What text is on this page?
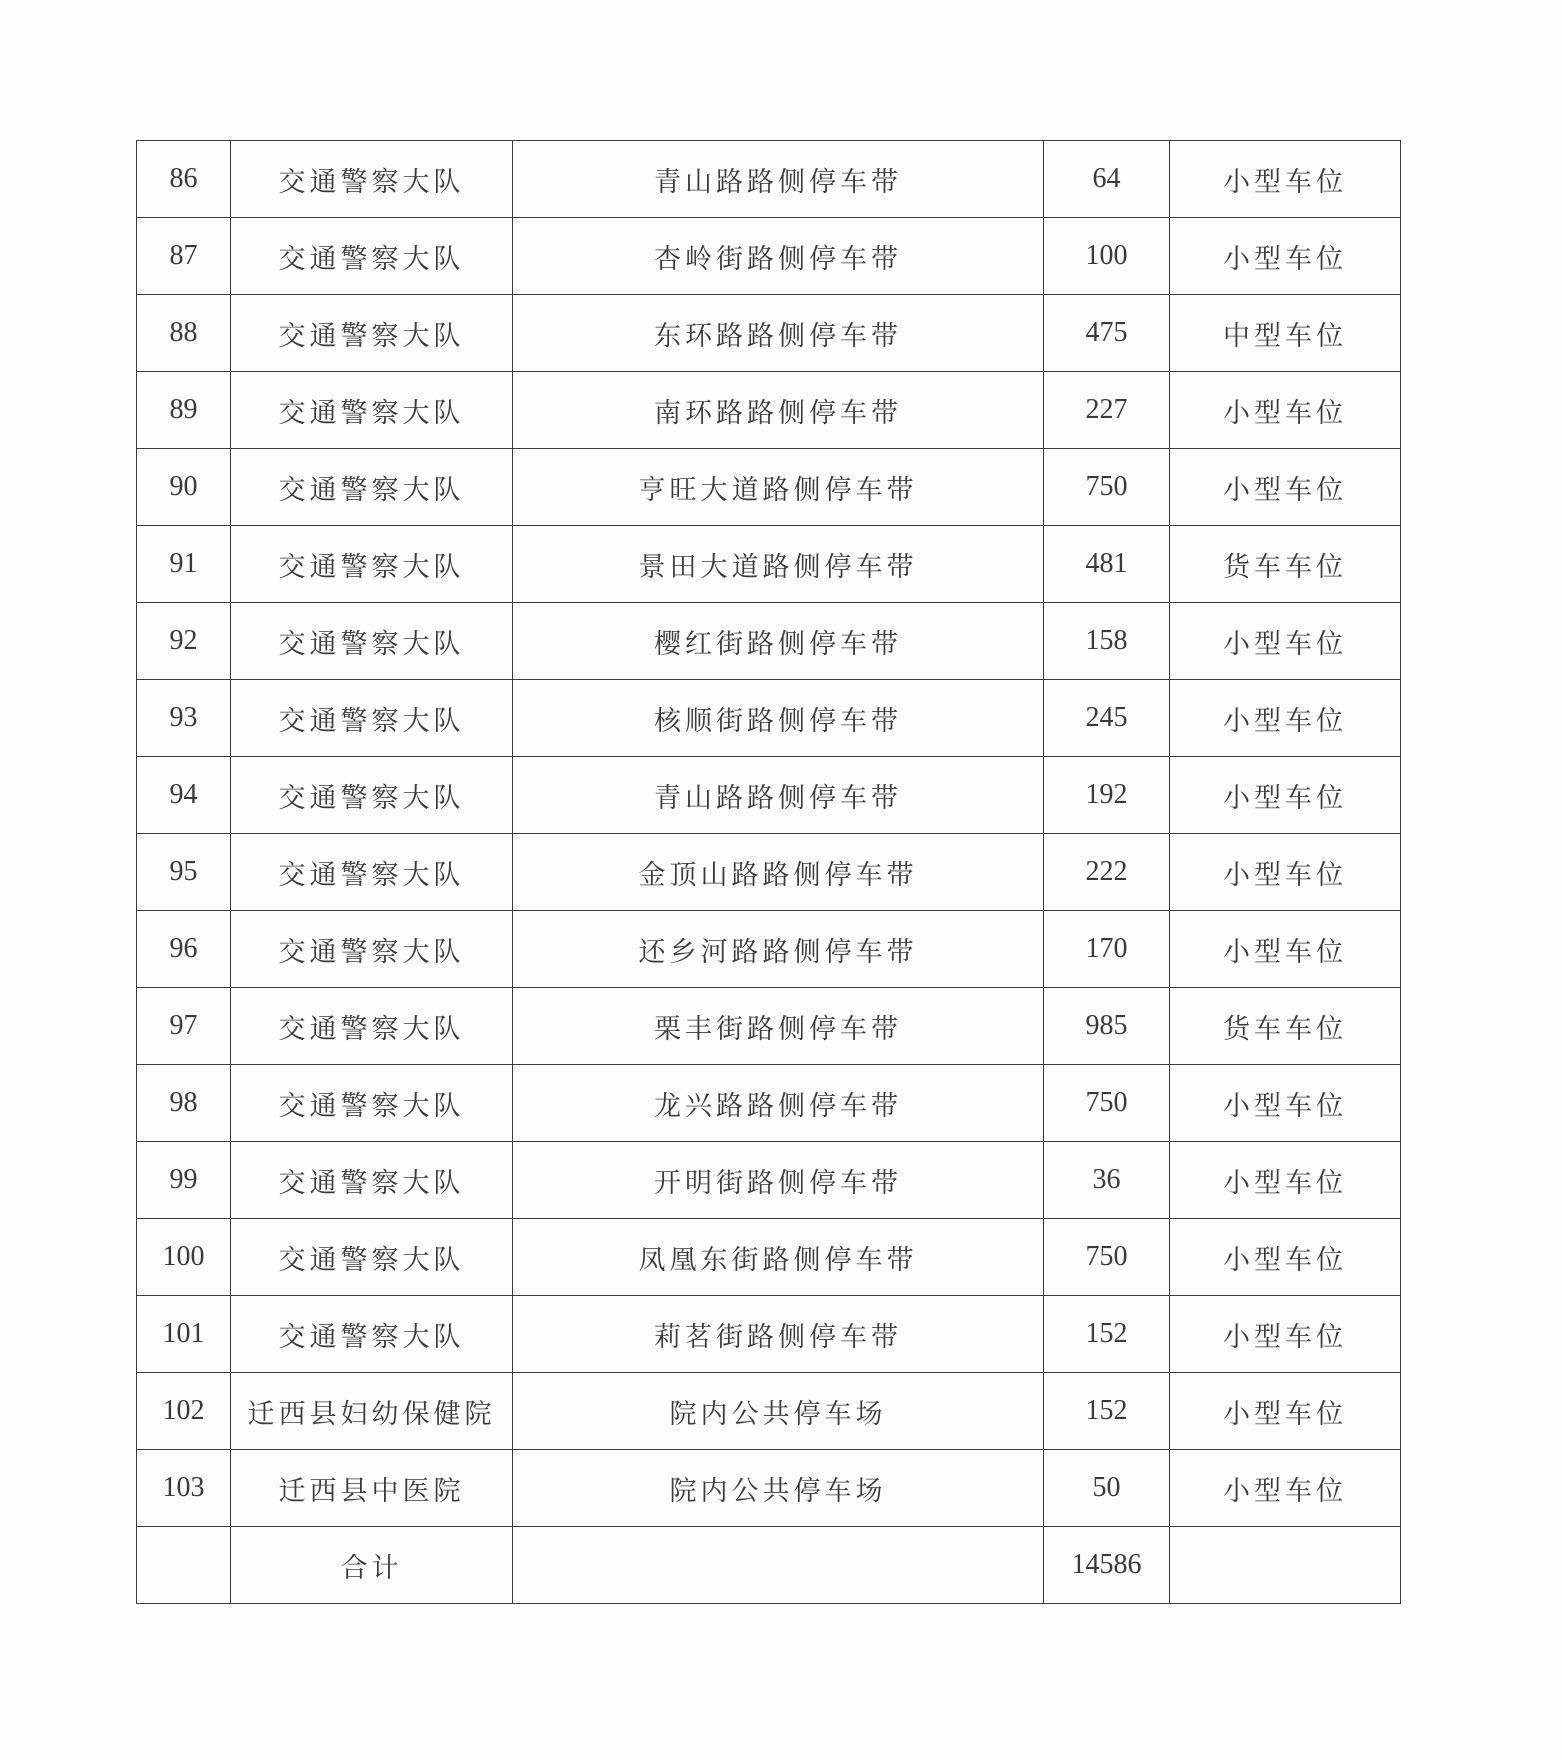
86	交通警察大队	青山路路侧停车带	64	小型车位
87	交通警察大队	杏岭街路侧停车带	100	小型车位
88	交通警察大队	东环路路侧停车带	475	中型车位
89	交通警察大队	南环路路侧停车带	227	小型车位
90	交通警察大队	亨旺大道路侧停车带	750	小型车位
91	交通警察大队	景田大道路侧停车带	481	货车车位
92	交通警察大队	樱红街路侧停车带	158	小型车位
93	交通警察大队	核顺街路侧停车带	245	小型车位
94	交通警察大队	青山路路侧停车带	192	小型车位
95	交通警察大队	金顶山路路侧停车带	222	小型车位
96	交通警察大队	还乡河路路侧停车带	170	小型车位
97	交通警察大队	栗丰街路侧停车带	985	货车车位
98	交通警察大队	龙兴路路侧停车带	750	小型车位
99	交通警察大队	开明街路侧停车带	36	小型车位
100	交通警察大队	凤凰东街路侧停车带	750	小型车位
101	交通警察大队	莉茗街路侧停车带	152	小型车位
102	迁西县妇幼保健院	院内公共停车场	152	小型车位
103	迁西县中医院	院内公共停车场	50	小型车位
	合计		14586	
